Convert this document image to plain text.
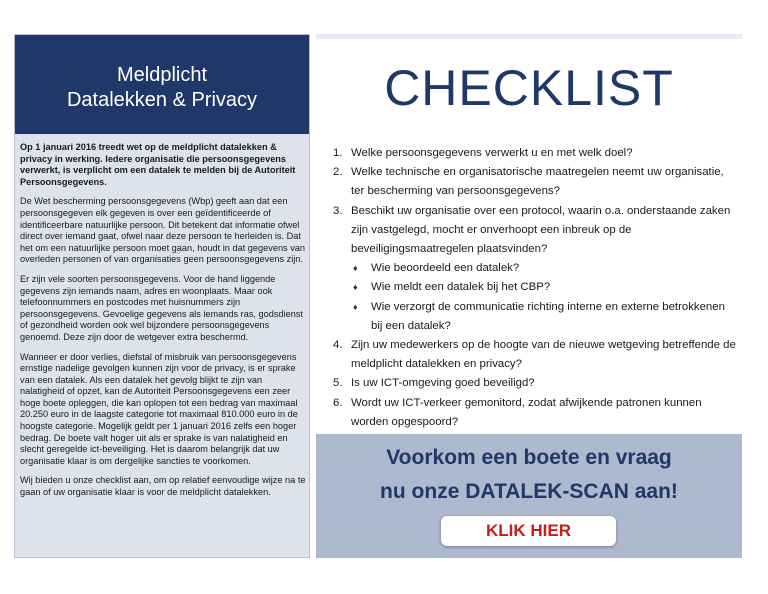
Meldplicht
Datalekken & Privacy

Op 1 januari 2016 treedt wet op de meldplicht datalekken & privacy in werking. Iedere organisatie die persoonsgegevens verwerkt, is verplicht om een datalek te melden bij de Autoriteit Persoonsgegevens.

De Wet bescherming persoonsgegevens (Wbp) geeft aan dat een persoonsgegeven elk gegeven is over een geïdentificeerde of identificeerbare natuurlijke persoon. Dit betekent dat informatie ofwel direct over iemand gaat, ofwel naar deze persoon te herleiden is. Dat het om een natuurlijke persoon moet gaan, houdt in dat gegevens van overleden personen of van organisaties geen persoonsgegevens zijn.

Er zijn vele soorten persoonsgegevens. Voor de hand liggende gegevens zijn iemands naam, adres en woonplaats. Maar ook telefoonnummers en postcodes met huisnummers zijn persoonsgegevens. Gevoelige gegevens als iemands ras, godsdienst of gezondheid worden ook wel bijzondere persoonsgegevens genoemd. Deze zijn door de wetgever extra beschermd.

Wanneer er door verlies, diefstal of misbruik van persoonsgegevens ernstige nadelige gevolgen kunnen zijn voor de privacy, is er sprake van een datalek. Als een datalek het gevolg blijkt te zijn van nalatigheid of opzet, kan de Autoriteit Persoonsgegevens een zeer hoge boete opleggen, die kan oplopen tot een bedrag van maximaal 20.250 euro in de laagste categorie tot maximaal 810.000 euro in de hoogste categorie. Mogelijk geldt per 1 januari 2016 zelfs een hoger bedrag. De boete valt hoger uit als er sprake is van nalatigheid en slecht geregelde ict-beveiliging. Het is daarom belangrijk dat uw organisatie klaar is om dergelijke sancties te voorkomen.

Wij bieden u onze checklist aan, om op relatief eenvoudige wijze na te gaan of uw organisatie klaar is voor de meldplicht datalekken.

CHECKLIST
1. Welke persoonsgegevens verwerkt u en met welk doel?
2. Welke technische en organisatorische maatregelen neemt uw organisatie, ter bescherming van persoonsgegevens?
3. Beschikt uw organisatie over een protocol, waarin o.a. onderstaande zaken zijn vastgelegd, mocht er onverhoopt een inbreuk op de beveiligingsmaatregelen plaatsvinden?
♦ Wie beoordeeld een datalek?
♦ Wie meldt een datalek bij het CBP?
♦ Wie verzorgt de communicatie richting interne en externe betrokkenen bij een datalek?
4. Zijn uw medewerkers op de hoogte van de nieuwe wetgeving betreffende de meldplicht datalekken en privacy?
5. Is uw ICT-omgeving goed beveiligd?
6. Wordt uw ICT-verkeer gemonitord, zodat afwijkende patronen kunnen worden opgespoord?
Voorkom een boete en vraag
nu onze DATALEK-SCAN aan!
KLIK HIER
